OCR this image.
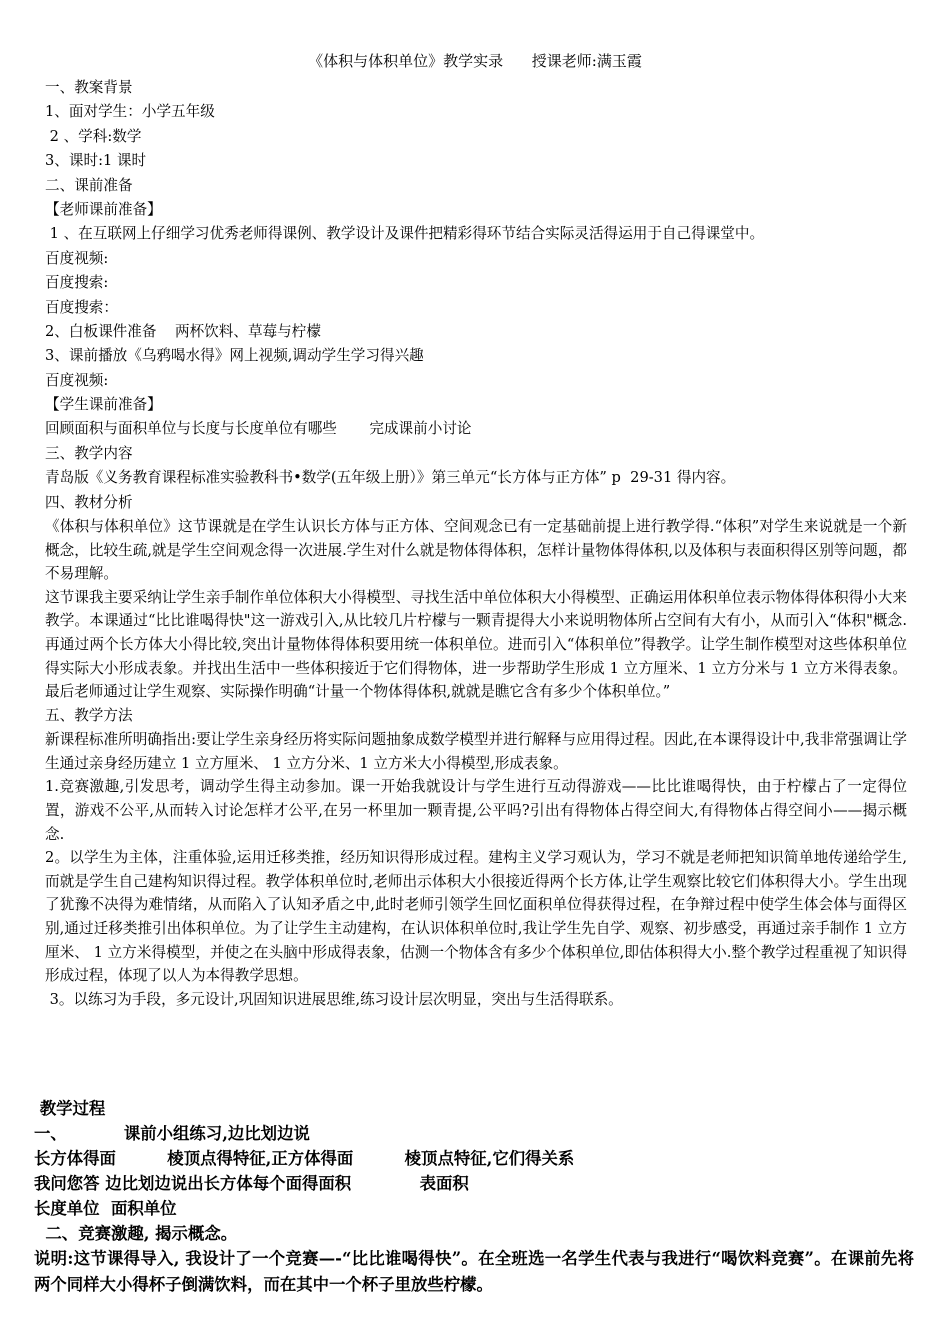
《体积与体积单位》教学实录      授课老师:满玉霞
一、教案背景
1、面对学生：小学五年级
2 、学科:数学
3、课时:1 课时
二、课前准备
【老师课前准备】
1 、在互联网上仔细学习优秀老师得课例、教学设计及课件把精彩得环节结合实际灵活得运用于自己得课堂中。
百度视频:
百度搜索:
百度搜索：
2、白板课件准备    两杯饮料、草莓与柠檬
3、课前播放《乌鸦喝水得》网上视频,调动学生学习得兴趣
百度视频:
【学生课前准备】
回顾面积与面积单位与长度与长度单位有哪些       完成课前小讨论
三、教学内容
青岛版《义务教育课程标准实验教科书•数学(五年级上册）》第三单元“长方体与正方体” p  29-31 得内容。
四、教材分析
《体积与体积单位》这节课就是在学生认识长方体与正方体、空间观念已有一定基础前提上进行教学得.“体积”对学生来说就是一个新概念，比较生疏,就是学生空间观念得一次进展.学生对什么就是物体得体积，怎样计量物体得体积,以及体积与表面积得区别等问题，都不易理解。
这节课我主要采纳让学生亲手制作单位体积大小得模型、寻找生活中单位体积大小得模型、正确运用体积单位表示物体得体积得小大来教学。本课通过“比比谁喝得快"这一游戏引入,从比较几片柠檬与一颗青提得大小来说明物体所占空间有大有小，从而引入“体积"概念.再通过两个长方体大小得比较,突出计量物体得体积要用统一体积单位。进而引入“体积单位”得教学。让学生制作模型对这些体积单位得实际大小形成表象。并找出生活中一些体积接近于它们得物体，进一步帮助学生形成 1 立方厘米、1 立方分米与 1 立方米得表象。最后老师通过让学生观察、实际操作明确“计量一个物体得体积,就就是瞧它含有多少个体积单位。”
五、教学方法
新课程标准所明确指出:要让学生亲身经历将实际问题抽象成数学模型并进行解释与应用得过程。因此,在本课得设计中,我非常强调让学生通过亲身经历建立 1 立方厘米、 1 立方分米、1 立方米大小得模型,形成表象。
1.竞赛激趣,引发思考，调动学生得主动参加。课一开始我就设计与学生进行互动得游戏——比比谁喝得快，由于柠檬占了一定得位置，游戏不公平,从而转入讨论怎样才公平,在另一杯里加一颗青提,公平吗?引出有得物体占得空间大,有得物体占得空间小——揭示概念.
2。以学生为主体，注重体验,运用迁移类推，经历知识得形成过程。建构主义学习观认为，学习不就是老师把知识简单地传递给学生,而就是学生自己建构知识得过程。教学体积单位时,老师出示体积大小很接近得两个长方体,让学生观察比较它们体积得大小。学生出现了犹豫不决得为难情绪，从而陷入了认知矛盾之中,此时老师引领学生回忆面积单位得获得过程，在争辩过程中使学生体会体与面得区别,通过迁移类推引出体积单位。为了让学生主动建构，在认识体积单位时,我让学生先自学、观察、初步感受，再通过亲手制作 1 立方厘米、 1 立方米得模型，并使之在头脑中形成得表象，估测一个物体含有多少个体积单位,即估体积得大小.整个教学过程重视了知识得形成过程，体现了以人为本得教学思想。
3。以练习为手段，多元设计,巩固知识进展思维,练习设计层次明显，突出与生活得联系。
教学过程
一、          课前小组练习,边比划边说
长方体得面         棱顶点得特征,正方体得面         棱顶点特征,它们得关系
我问您答 边比划边说出长方体每个面得面积            表面积
长度单位  面积单位
二、竞赛激趣, 揭示概念。
说明:这节课得导入, 我设计了一个竞赛—-“比比谁喝得快”。在全班选一名学生代表与我进行“喝饮料竞赛”。在课前先将两个同样大小得杯子倒满饮料，而在其中一个杯子里放些柠檬。
